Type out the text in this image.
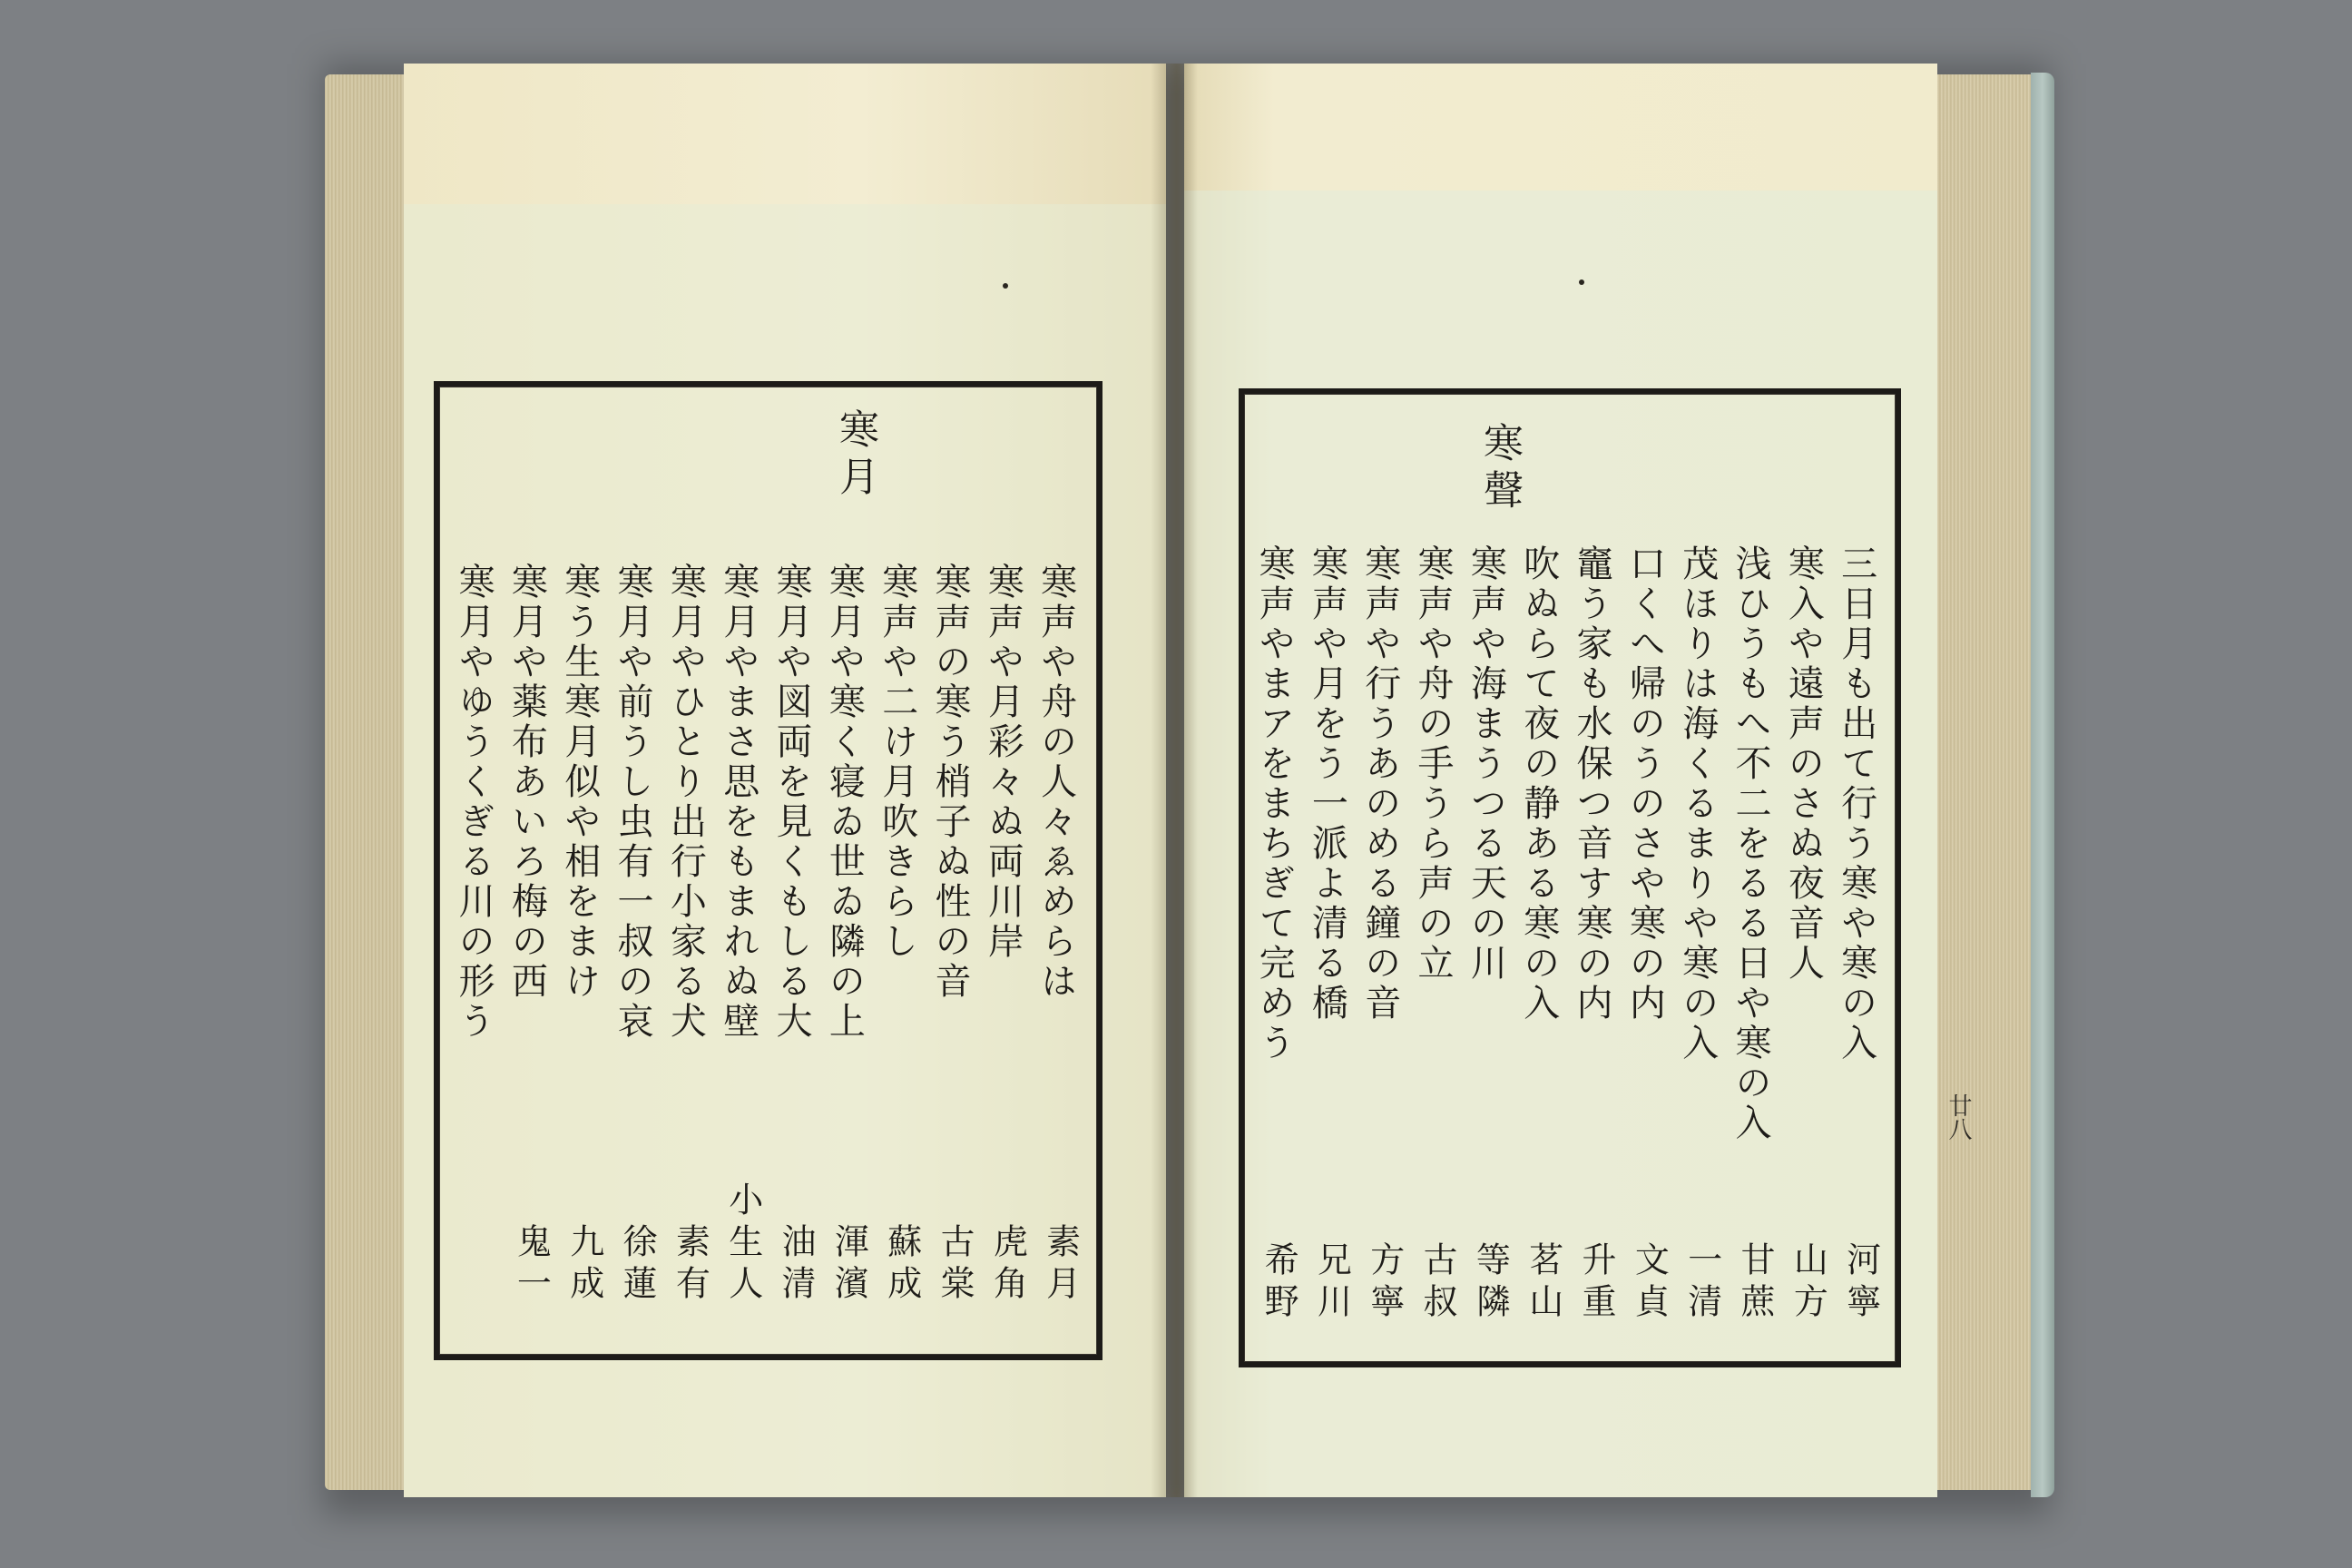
寒月
寒声や舟の人々ゑめらは
素月
寒声や月彩々ぬ両川岸
虎角
寒声の寒う梢子ぬ性の音
古棠
寒声や二け月吹きらし
蘇成
寒月や寒く寝ゐ世ゐ隣の上
渾濱
寒月や図両を見くもしる大
油清
寒月やまさ思をもまれぬ壁
小生人
寒月やひとり出行小家る犬
素有
寒月や前うし虫有一叔の哀
徐蓮
寒う生寒月似や相をまけ
九成
寒月や薬布あいろ梅の西
鬼一
寒月やゆうくぎる川の形う
寒聲
三日月も出て行う寒や寒の入
河寧
寒入や遠声のさぬ夜音人
山方
浅ひうもへ不二をるる日や寒の入
甘蔗
茂ほりは海くるまりや寒の入
一清
口くへ帰のうのさや寒の内
文貞
竈う家も水保つ音す寒の内
升重
吹ぬらて夜の静ある寒の入
茗山
寒声や海まうつる天の川
等隣
寒声や舟の手うら声の立
古叔
寒声や行うあのめる鐘の音
方寧
寒声や月をう一派よ清る橋
兄川
寒声やまアをまちぎて完めう
希野
廿八
